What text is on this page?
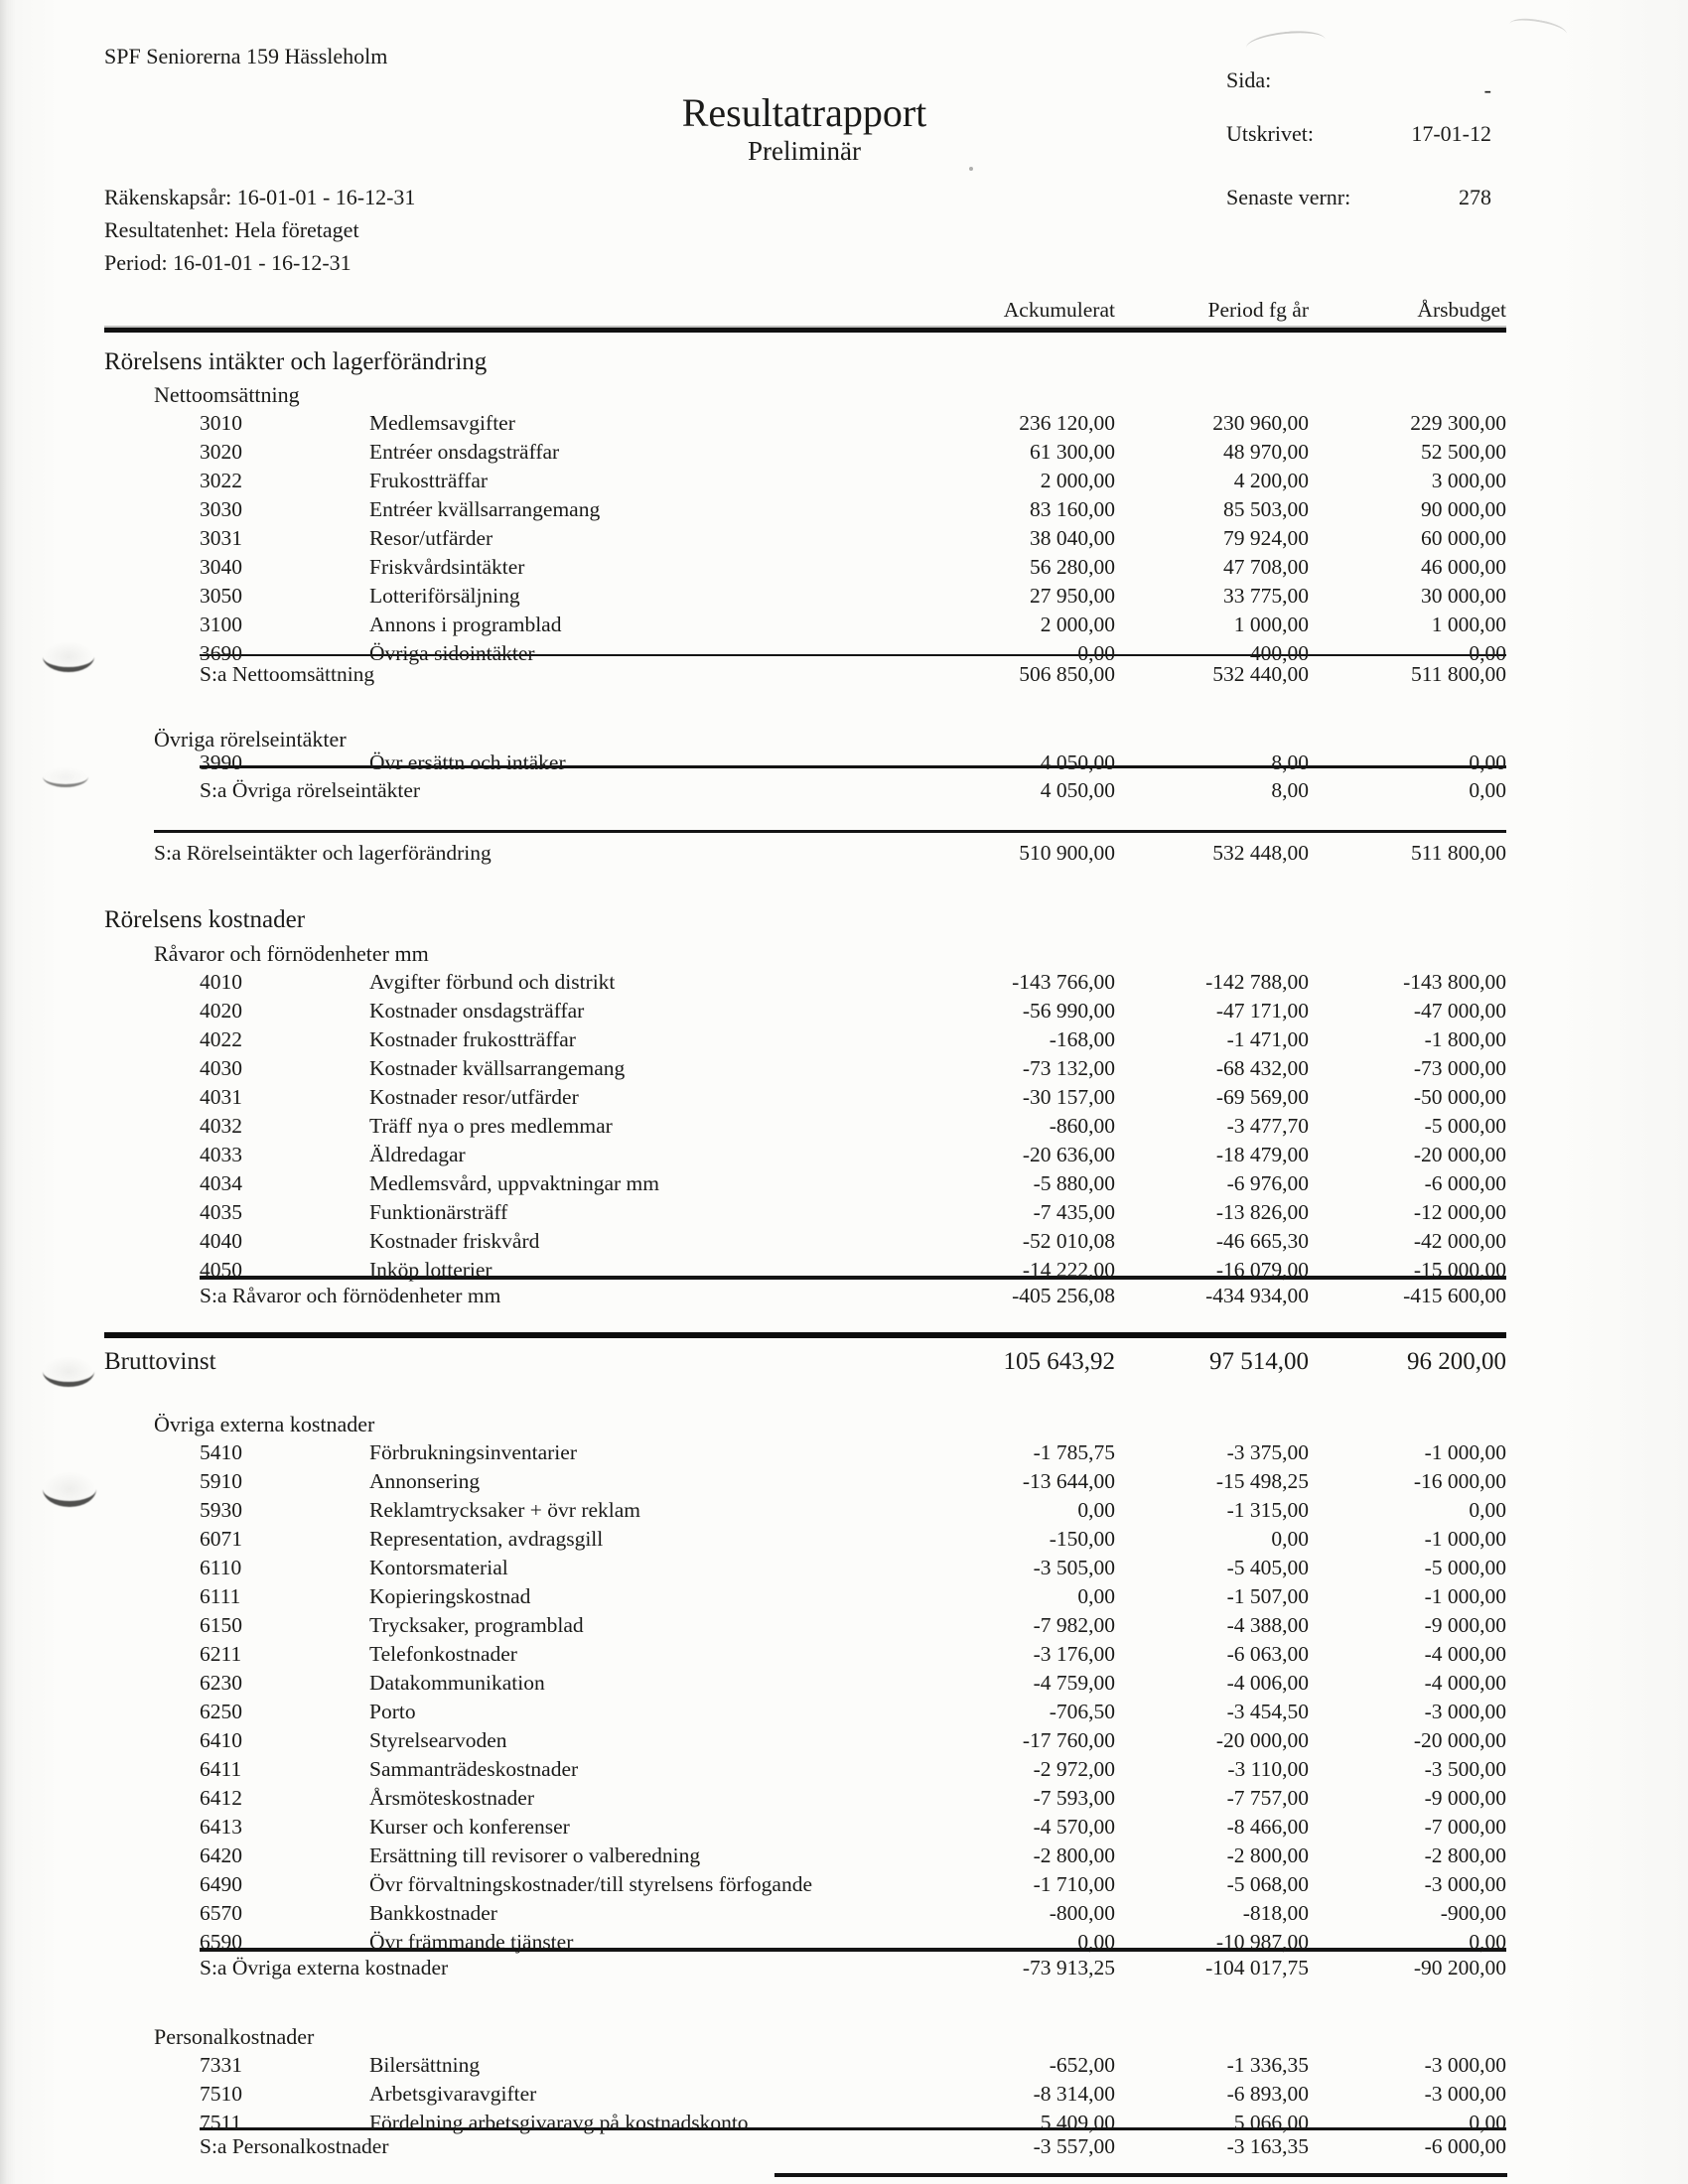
SPF Seniorerna 159 Hässleholm
Resultatrapport
Preliminär
Räkenskapsår: 16-01-01 - 16-12-31
Resultatenhet: Hela företaget
Period: 16-01-01 - 16-12-31
Sida:	-
Utskrivet:	17-01-12
Senaste vernr:	278
Ackumulerat	Period fg år	Årsbudget
Rörelsens intäkter och lagerförändring
Nettoomsättning
3010	Medlemsavgifter	236 120,00	230 960,00	229 300,00
3020	Entréer onsdagsträffar	61 300,00	48 970,00	52 500,00
3022	Frukostträffar	2 000,00	4 200,00	3 000,00
3030	Entréer kvällsarrangemang	83 160,00	85 503,00	90 000,00
3031	Resor/utfärder	38 040,00	79 924,00	60 000,00
3040	Friskvårdsintäkter	56 280,00	47 708,00	46 000,00
3050	Lotteriförsäljning	27 950,00	33 775,00	30 000,00
3100	Annons i programblad	2 000,00	1 000,00	1 000,00
3690	Övriga sidointäkter	0,00	400,00	0,00
S:a Nettoomsättning	506 850,00	532 440,00	511 800,00
Övriga rörelseintäkter
3990	Övr ersättn och intäker	4 050,00	8,00	0,00
S:a Övriga rörelseintäkter	4 050,00	8,00	0,00
S:a Rörelseintäkter och lagerförändring	510 900,00	532 448,00	511 800,00
Rörelsens kostnader
Råvaror och förnödenheter mm
4010	Avgifter förbund och distrikt	-143 766,00	-142 788,00	-143 800,00
4020	Kostnader onsdagsträffar	-56 990,00	-47 171,00	-47 000,00
4022	Kostnader frukostträffar	-168,00	-1 471,00	-1 800,00
4030	Kostnader kvällsarrangemang	-73 132,00	-68 432,00	-73 000,00
4031	Kostnader resor/utfärder	-30 157,00	-69 569,00	-50 000,00
4032	Träff nya o pres medlemmar	-860,00	-3 477,70	-5 000,00
4033	Äldredagar	-20 636,00	-18 479,00	-20 000,00
4034	Medlemsvård, uppvaktningar mm	-5 880,00	-6 976,00	-6 000,00
4035	Funktionärsträff	-7 435,00	-13 826,00	-12 000,00
4040	Kostnader friskvård	-52 010,08	-46 665,30	-42 000,00
4050	Inköp lotterier	-14 222,00	-16 079,00	-15 000,00
S:a Råvaror och förnödenheter mm	-405 256,08	-434 934,00	-415 600,00
Bruttovinst	105 643,92	97 514,00	96 200,00
Övriga externa kostnader
5410	Förbrukningsinventarier	-1 785,75	-3 375,00	-1 000,00
5910	Annonsering	-13 644,00	-15 498,25	-16 000,00
5930	Reklamtrycksaker + övr reklam	0,00	-1 315,00	0,00
6071	Representation, avdragsgill	-150,00	0,00	-1 000,00
6110	Kontorsmaterial	-3 505,00	-5 405,00	-5 000,00
6111	Kopieringskostnad	0,00	-1 507,00	-1 000,00
6150	Trycksaker, programblad	-7 982,00	-4 388,00	-9 000,00
6211	Telefonkostnader	-3 176,00	-6 063,00	-4 000,00
6230	Datakommunikation	-4 759,00	-4 006,00	-4 000,00
6250	Porto	-706,50	-3 454,50	-3 000,00
6410	Styrelsearvoden	-17 760,00	-20 000,00	-20 000,00
6411	Sammanträdeskostnader	-2 972,00	-3 110,00	-3 500,00
6412	Årsmöteskostnader	-7 593,00	-7 757,00	-9 000,00
6413	Kurser och konferenser	-4 570,00	-8 466,00	-7 000,00
6420	Ersättning till revisorer o valberedning	-2 800,00	-2 800,00	-2 800,00
6490	Övr förvaltningskostnader/till styrelsens förfogande	-1 710,00	-5 068,00	-3 000,00
6570	Bankkostnader	-800,00	-818,00	-900,00
6590	Övr främmande tjänster	0,00	-10 987,00	0,00
S:a Övriga externa kostnader	-73 913,25	-104 017,75	-90 200,00
Personalkostnader
7331	Bilersättning	-652,00	-1 336,35	-3 000,00
7510	Arbetsgivaravgifter	-8 314,00	-6 893,00	-3 000,00
7511	Fördelning arbetsgivaravg på kostnadskonto	5 409,00	5 066,00	0,00
S:a Personalkostnader	-3 557,00	-3 163,35	-6 000,00
